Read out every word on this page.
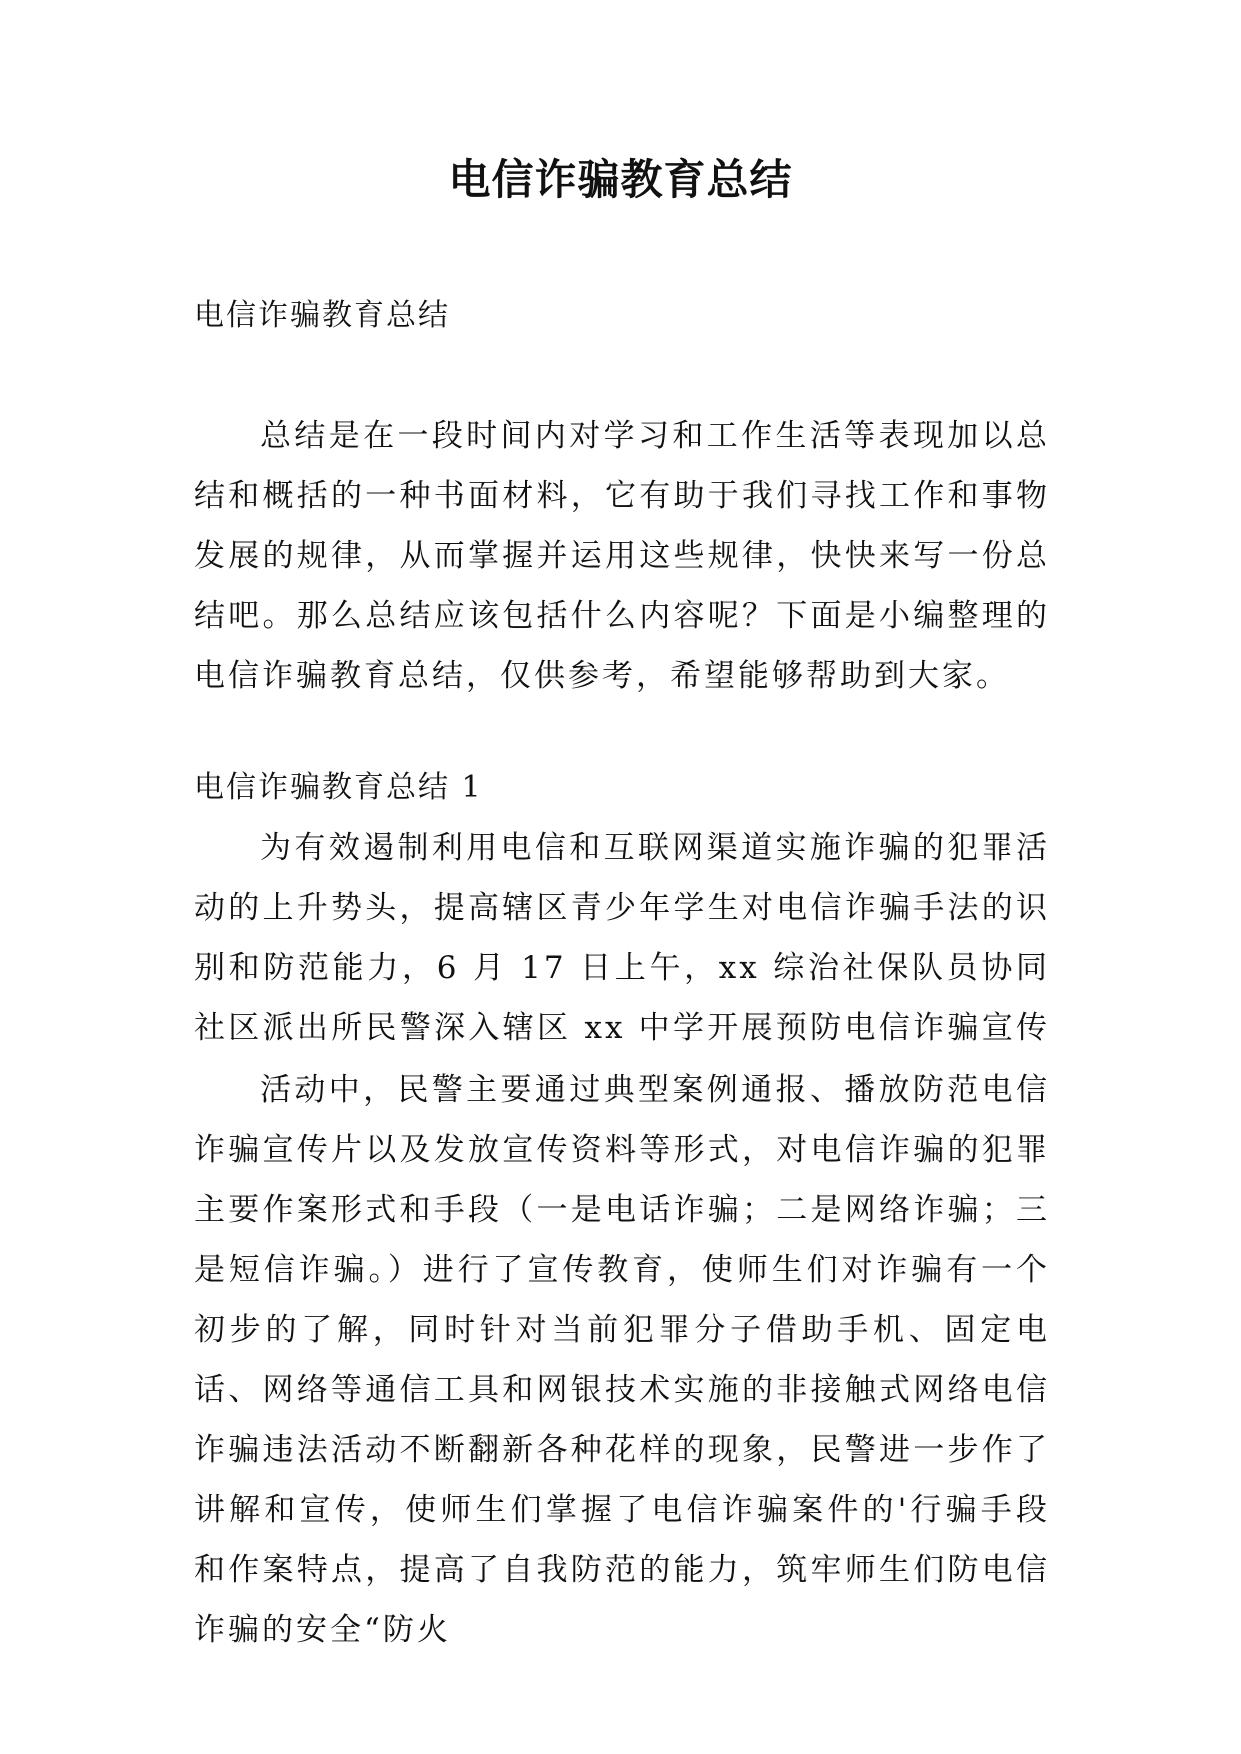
电信诈骗教育总结

电信诈骗教育总结

总结是在一段时间内对学习和工作生活等表现加以总结和概括的一种书面材料，它有助于我们寻找工作和事物发展的规律，从而掌握并运用这些规律，快快来写一份总结吧。那么总结应该包括什么内容呢？下面是小编整理的电信诈骗教育总结，仅供参考，希望能够帮助到大家。

电信诈骗教育总结 1

为有效遏制利用电信和互联网渠道实施诈骗的犯罪活动的上升势头，提高辖区青少年学生对电信诈骗手法的识别和防范能力，6 月 17 日上午，xx 综治社保队员协同社区派出所民警深入辖区 xx 中学开展预防电信诈骗宣传

活动中，民警主要通过典型案例通报、播放防范电信诈骗宣传片以及发放宣传资料等形式，对电信诈骗的犯罪主要作案形式和手段（一是电话诈骗；二是网络诈骗；三是短信诈骗。）进行了宣传教育，使师生们对诈骗有一个初步的了解，同时针对当前犯罪分子借助手机、固定电话、网络等通信工具和网银技术实施的非接触式网络电信诈骗违法活动不断翻新各种花样的现象，民警进一步作了讲解和宣传，使师生们掌握了电信诈骗案件的'行骗手段和作案特点，提高了自我防范的能力，筑牢师生们防电信诈骗的安全“防火
